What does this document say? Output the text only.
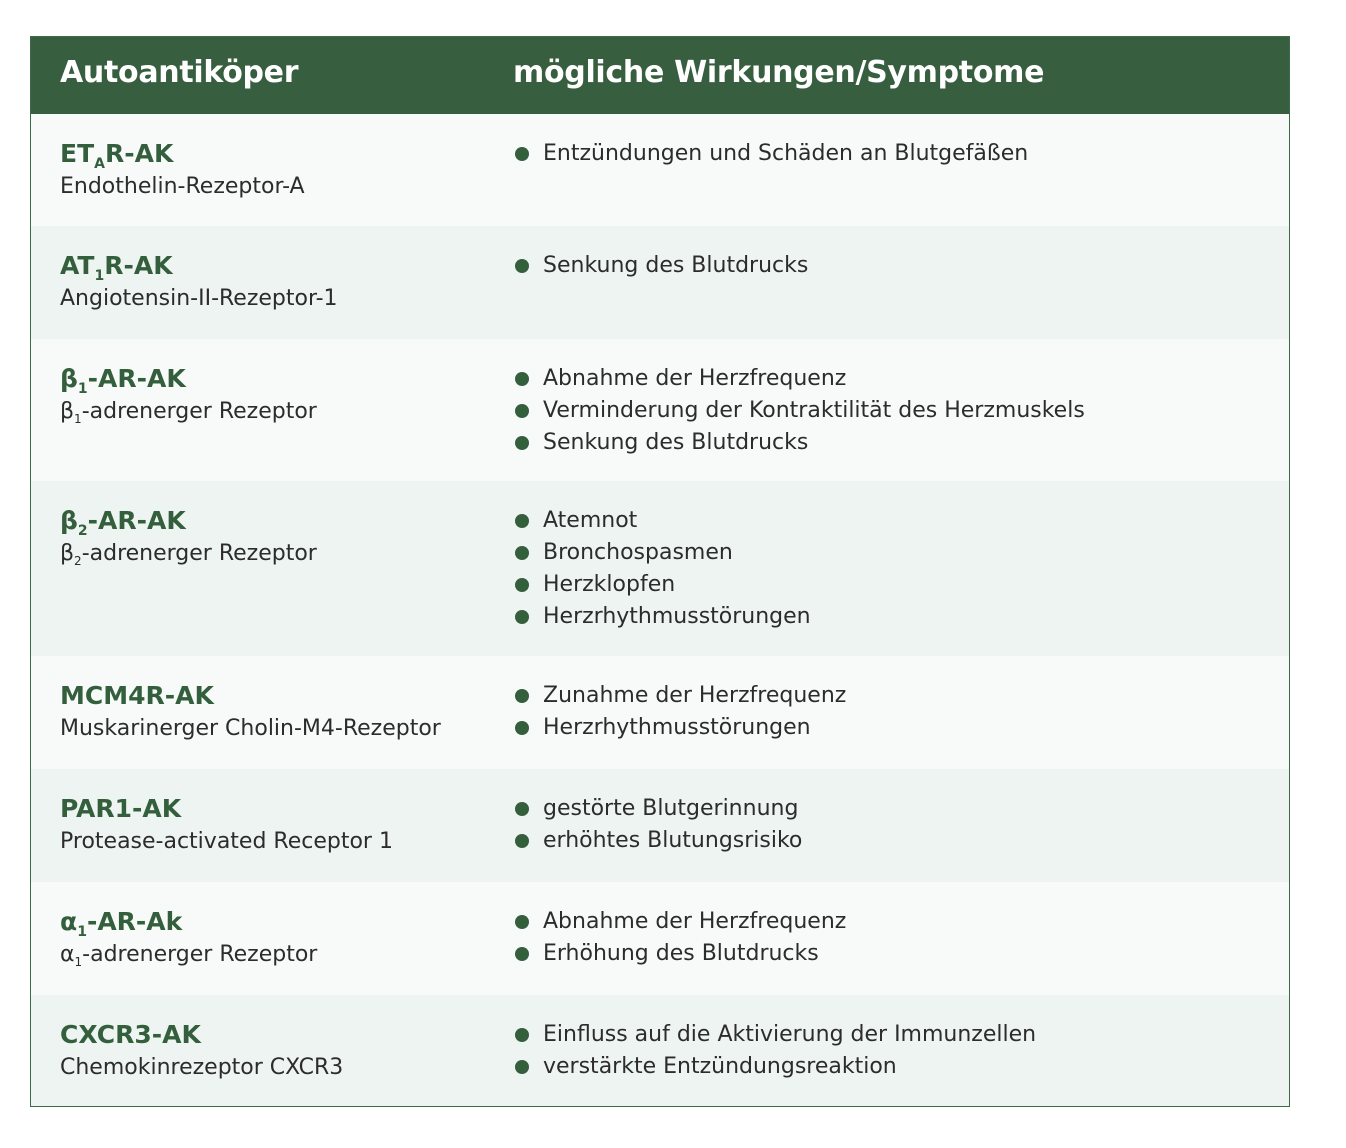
Autoantiköper	mögliche Wirkungen/Symptome
$ET_AR-AK$
Endothelin-Rezeptor-A
Entzündungen und Schäden an Blutgefäßen
$AT_1R-AK$
Angiotensin-II-Rezeptor-1
Senkung des Blutdrucks
$\beta_1-AR-AK$
$\beta_1$-adrenerger Rezeptor
Abnahme der Herzfrequenz
Verminderung der Kontraktilität des Herzmuskels
Senkung des Blutdrucks
$\beta_2-AR-AK$
$\beta_2$-adrenerger Rezeptor
Atemnot
Bronchospasmen
Herzklopfen
Herzrhythmusstörungen
MCM4R-AK
Muskarinerger Cholin-M4-Rezeptor
Zunahme der Herzfrequenz
Herzrhythmusstörungen
PAR1-AK
Protease-activated Receptor 1
gestörte Blutgerinnung
erhöhtes Blutungsrisiko
$\alpha_1-AR-Ak$
$\alpha_1$-adrenerger Rezeptor
Abnahme der Herzfrequenz
Erhöhung des Blutdrucks
CXCR3-AK
Chemokinrezeptor CXCR3
Einfluss auf die Aktivierung der Immunzellen
verstärkte Entzündungsreaktion
